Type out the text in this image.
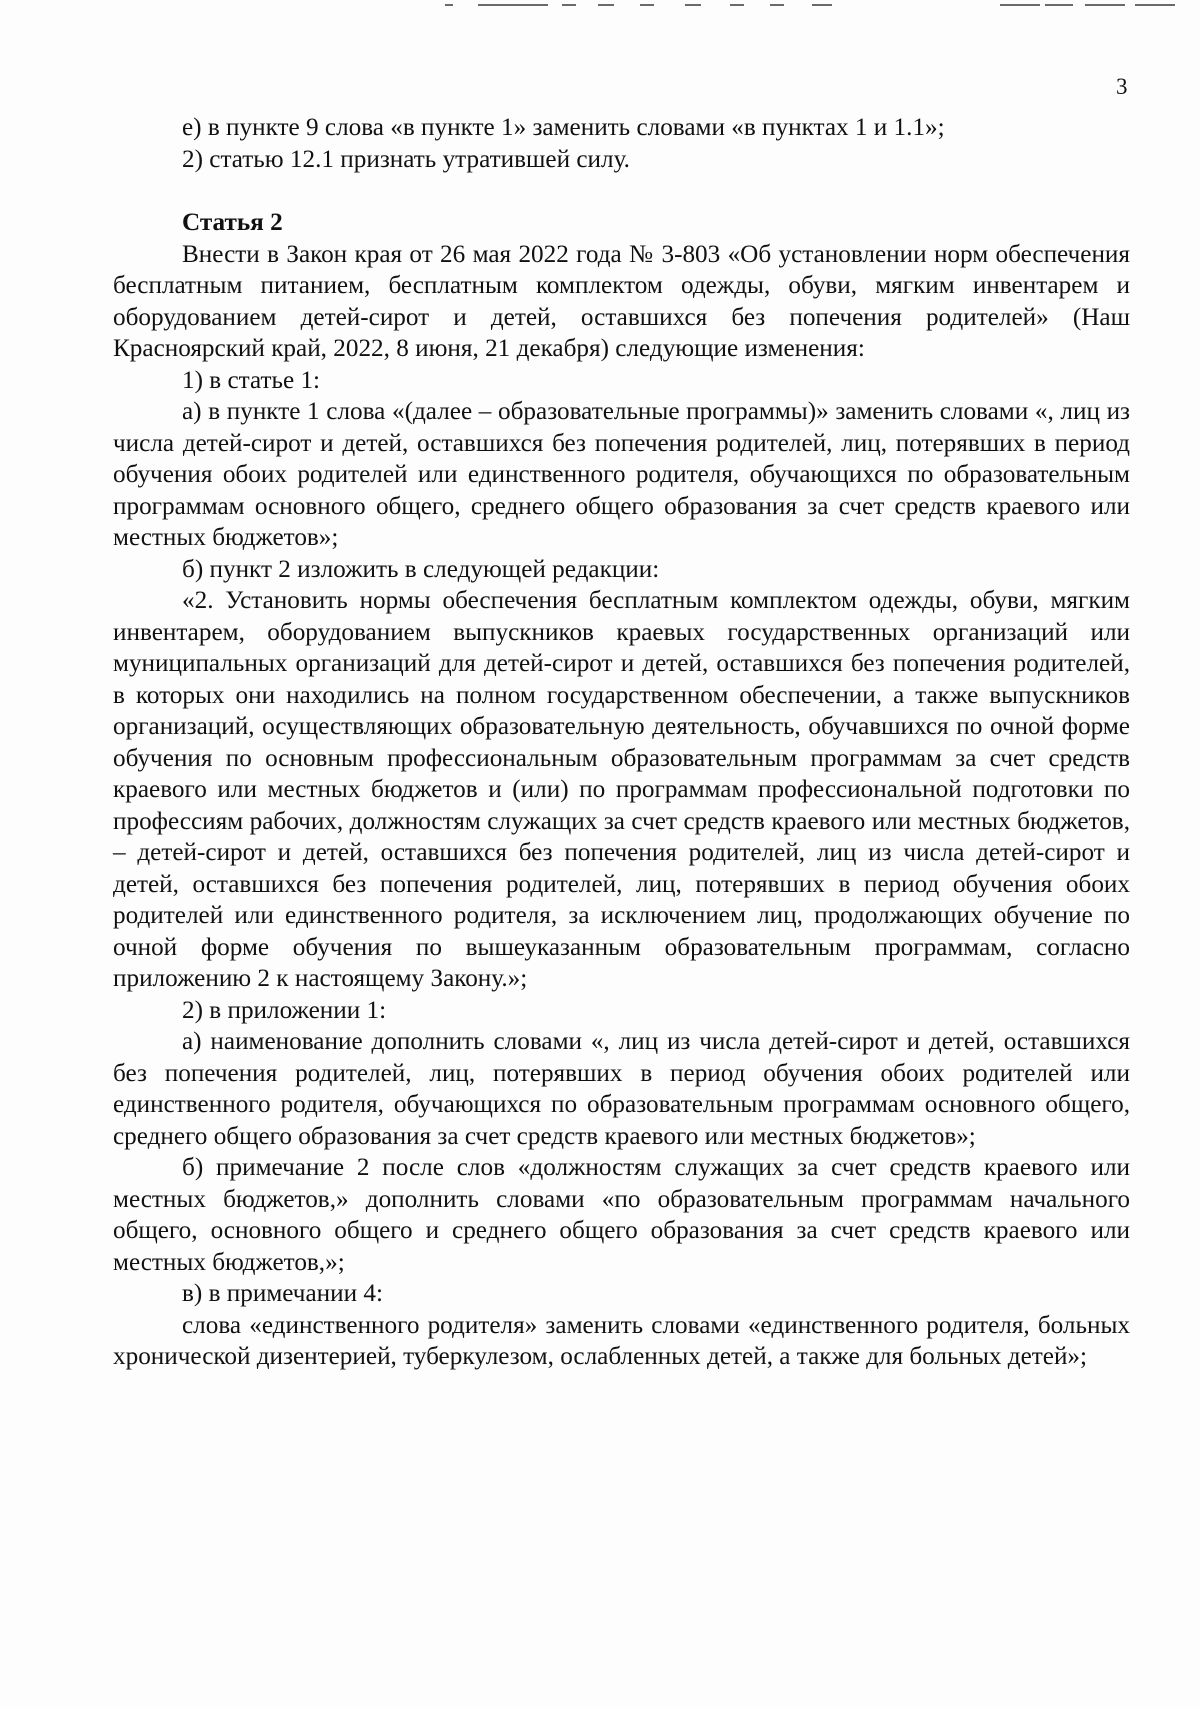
3

е) в пункте 9 слова «в пункте 1» заменить словами «в пунктах 1 и 1.1»;

2) статью 12.1 признать утратившей силу.

Статья 2

Внести в Закон края от 26 мая 2022 года № 3-803 «Об установлении норм обеспечения бесплатным питанием, бесплатным комплектом одежды, обуви, мягким инвентарем и оборудованием детей-сирот и детей, оставшихся без попечения родителей» (Наш Красноярский край, 2022, 8 июня, 21 декабря) следующие изменения:

1) в статье 1:

а) в пункте 1 слова «(далее – образовательные программы)» заменить словами «, лиц из числа детей-сирот и детей, оставшихся без попечения родителей, лиц, потерявших в период обучения обоих родителей или единственного родителя, обучающихся по образовательным программам основного общего, среднего общего образования за счет средств краевого или местных бюджетов»;

б) пункт 2 изложить в следующей редакции:

«2. Установить нормы обеспечения бесплатным комплектом одежды, обуви, мягким инвентарем, оборудованием выпускников краевых государственных организаций или муниципальных организаций для детей-сирот и детей, оставшихся без попечения родителей, в которых они находились на полном государственном обеспечении, а также выпускников организаций, осуществляющих образовательную деятельность, обучавшихся по очной форме обучения по основным профессиональным образовательным программам за счет средств краевого или местных бюджетов и (или) по программам профессиональной подготовки по профессиям рабочих, должностям служащих за счет средств краевого или местных бюджетов, – детей-сирот и детей, оставшихся без попечения родителей, лиц из числа детей-сирот и детей, оставшихся без попечения родителей, лиц, потерявших в период обучения обоих родителей или единственного родителя, за исключением лиц, продолжающих обучение по очной форме обучения по вышеуказанным образовательным программам, согласно приложению 2 к настоящему Закону.»;

2) в приложении 1:

а) наименование дополнить словами «, лиц из числа детей-сирот и детей, оставшихся без попечения родителей, лиц, потерявших в период обучения обоих родителей или единственного родителя, обучающихся по образовательным программам основного общего, среднего общего образования за счет средств краевого или местных бюджетов»;

б) примечание 2 после слов «должностям служащих за счет средств краевого или местных бюджетов,» дополнить словами «по образовательным программам начального общего, основного общего и среднего общего образования за счет средств краевого или местных бюджетов,»;

в) в примечании 4:

слова «единственного родителя» заменить словами «единственного родителя, больных хронической дизентерией, туберкулезом, ослабленных детей, а также для больных детей»;
